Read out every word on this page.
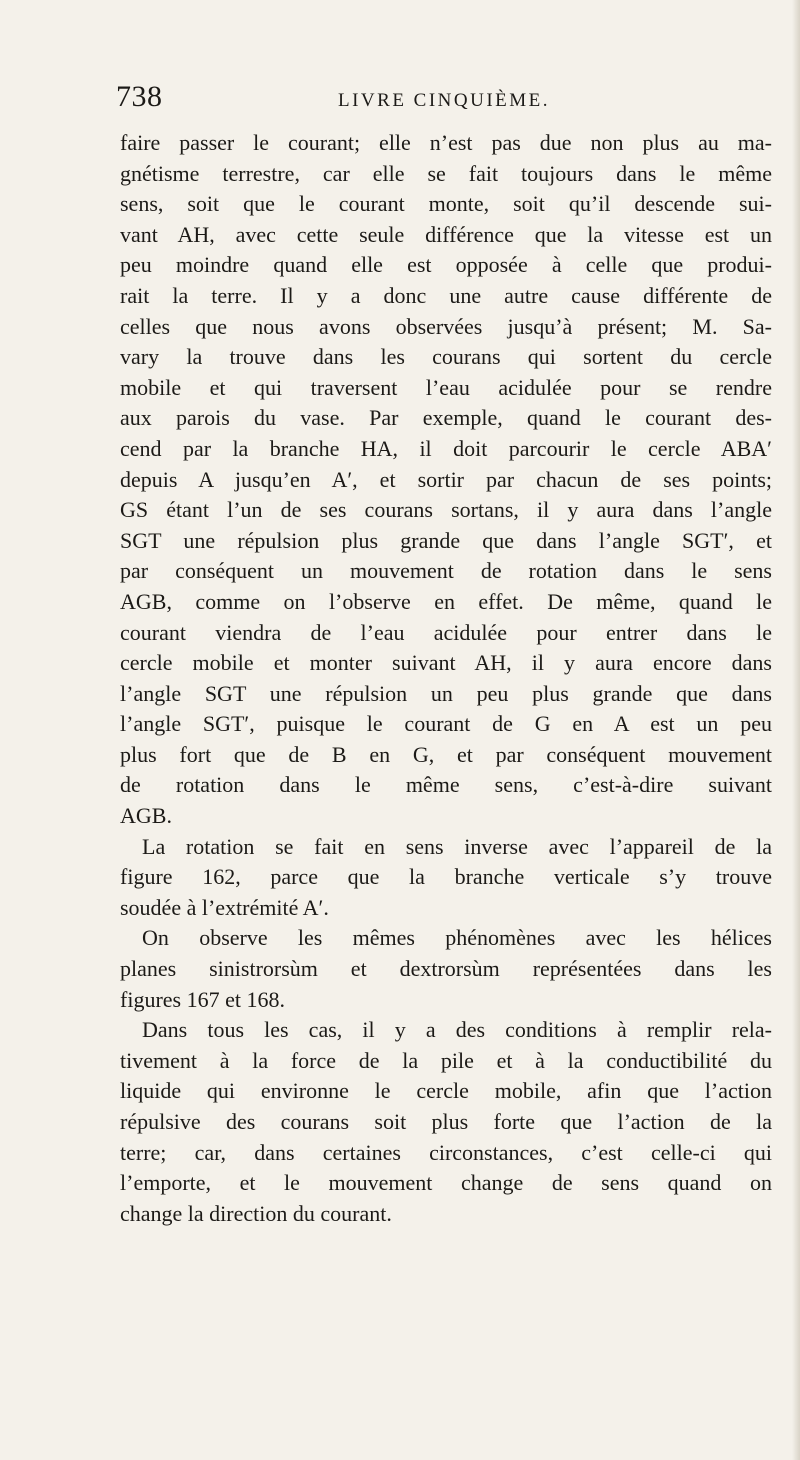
738	LIVRE CINQUIÈME.
faire passer le courant; elle n’est pas due non plus au ma-
gnétisme terrestre, car elle se fait toujours dans le même
sens, soit que le courant monte, soit qu’il descende sui-
vant AH, avec cette seule différence que la vitesse est un
peu moindre quand elle est opposée à celle que produi-
rait la terre. Il y a donc une autre cause différente de
celles que nous avons observées jusqu’à présent; M. Sa-
vary la trouve dans les courans qui sortent du cercle
mobile et qui traversent l’eau acidulée pour se rendre
aux parois du vase. Par exemple, quand le courant des-
cend par la branche HA, il doit parcourir le cercle ABA′
depuis A jusqu’en A′, et sortir par chacun de ses points;
GS étant l’un de ses courans sortans, il y aura dans l’angle
SGT une répulsion plus grande que dans l’angle SGT′, et
par conséquent un mouvement de rotation dans le sens
AGB, comme on l’observe en effet. De même, quand le
courant viendra de l’eau acidulée pour entrer dans le
cercle mobile et monter suivant AH, il y aura encore dans
l’angle SGT une répulsion un peu plus grande que dans
l’angle SGT′, puisque le courant de G en A est un peu
plus fort que de B en G, et par conséquent mouvement
de rotation dans le même sens, c’est-à-dire suivant
AGB.
La rotation se fait en sens inverse avec l’appareil de la
figure 162, parce que la branche verticale s’y trouve
soudée à l’extrémité A′.
On observe les mêmes phénomènes avec les hélices
planes sinistrorsùm et dextrorsùm représentées dans les
figures 167 et 168.
Dans tous les cas, il y a des conditions à remplir rela-
tivement à la force de la pile et à la conductibilité du
liquide qui environne le cercle mobile, afin que l’action
répulsive des courans soit plus forte que l’action de la
terre; car, dans certaines circonstances, c’est celle-ci qui
l’emporte, et le mouvement change de sens quand on
change la direction du courant.
